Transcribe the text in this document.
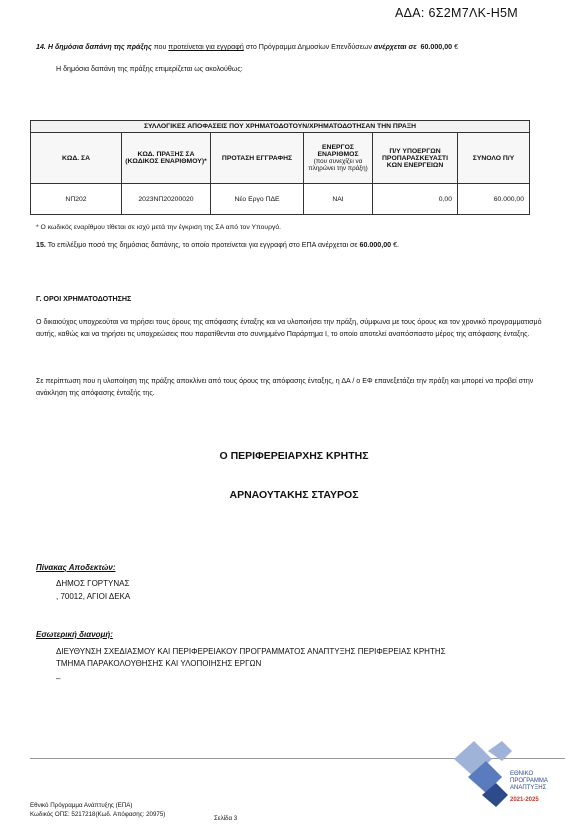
ΑΔΑ: 6Σ2Μ7ΛΚ-Η5Μ
14. Η δημόσια δαπάνη της πράξης που προτείνεται για εγγραφή στο Πρόγραμμα Δημοσίων Επενδύσεων ανέρχεται σε 60.000,00 €
Η δημόσια δαπάνη της πράξης επιμερίζεται ως ακολούθως:
ΣΥΛΛΟΓΙΚΕΣ ΑΠΟΦΑΣΕΙΣ ΠΟΥ ΧΡΗΜΑΤΟΔΟΤΟΥΝ/ΧΡΗΜΑΤΟΔΟΤΗΣΑΝ ΤΗΝ ΠΡΑΞΗ					
ΚΩΔ. ΣΑ	ΚΩΔ. ΠΡΑΞΗΣ ΣΑ (ΚΩΔΙΚΟΣ ΕΝΑΡΙΘΜΟΥ)*	ΠΡΟΤΑΣΗ ΕΓΓΡΑΦΗΣ	ΕΝΕΡΓΟΣ ΕΝΑΡΙΘΜΟΣ
(που συνεχίζει να πληρώνει την πράξη)	Π/Υ ΥΠΟΕΡΓΩΝ ΠΡΟΠΑΡΑΣΚΕΥΑΣΤΙ ΚΩΝ ΕΝΕΡΓΕΙΩΝ	ΣΥΝΟΛΟ Π/Υ
ΝΠ202	2023ΝΠ20200020	Νέο Εργο ΠΔΕ	ΝΑΙ	0,00	60.000,00
* Ο κωδικός εναρίθμου τίθεται σε ισχύ μετά την έγκριση της ΣΑ από τον Υπουργό.
15. Το επιλέξιμο ποσό της δημόσιας δαπάνης, το οποίο προτείνεται για εγγραφή στο ΕΠΑ ανέρχεται σε 60.000,00 €.
Γ. ΟΡΟΙ ΧΡΗΜΑΤΟΔΟΤΗΣΗΣ
Ο δικαιούχος υποχρεούται να τηρήσει τους όρους της απόφασης ένταξης και να υλοποιήσει την πράξη, σύμφωνα με τους όρους και τον χρονικό προγραμματισμό αυτής, καθώς και να τηρήσει τις υποχρεώσεις που παρατίθενται στο συνημμένο Παράρτημα Ι, το οποίο αποτελεί αναπόσπαστο μέρος της απόφασης ένταξης.
Σε περίπτωση που η υλοποίηση της πράξης αποκλίνει από τους όρους της απόφασης ένταξης, η ΔΑ / ο ΕΦ επανεξετάζει την πράξη και μπορεί να προβεί στην ανάκληση της απόφασης ένταξής της.
Ο ΠΕΡΙΦΕΡΕΙΑΡΧΗΣ ΚΡΗΤΗΣ
ΑΡΝΑΟΥΤΑΚΗΣ ΣΤΑΥΡΟΣ
Πίνακας Αποδεκτών:
ΔΗΜΟΣ ΓΟΡΤΥΝΑΣ
, 70012, ΑΓΙΟΙ ΔΕΚΑ
Εσωτερική διανομή:
ΔΙΕΥΘΥΝΣΗ ΣΧΕΔΙΑΣΜΟΥ ΚΑΙ ΠΕΡΙΦΕΡΕΙΑΚΟΥ ΠΡΟΓΡΑΜΜΑΤΟΣ ΑΝΑΠΤΥΞΗΣ ΠΕΡΙΦΕΡΕΙΑΣ ΚΡΗΤΗΣ
ΤΜΗΜΑ ΠΑΡΑΚΟΛΟΥΘΗΣΗΣ ΚΑΙ ΥΛΟΠΟΙΗΣΗΣ ΕΡΓΩΝ
–
ΕΘΝΙΚΟ
ΠΡΟΓΡΑΜΜΑ
ΑΝΑΠΤΥΞΗΣ
2021-2025
Εθνικό Πρόγραμμα Ανάπτυξης (ΕΠΑ)
Κωδικός ΟΠΣ: 5217218(Κωδ. Απόφασης: 20975)
Σελίδα 3
